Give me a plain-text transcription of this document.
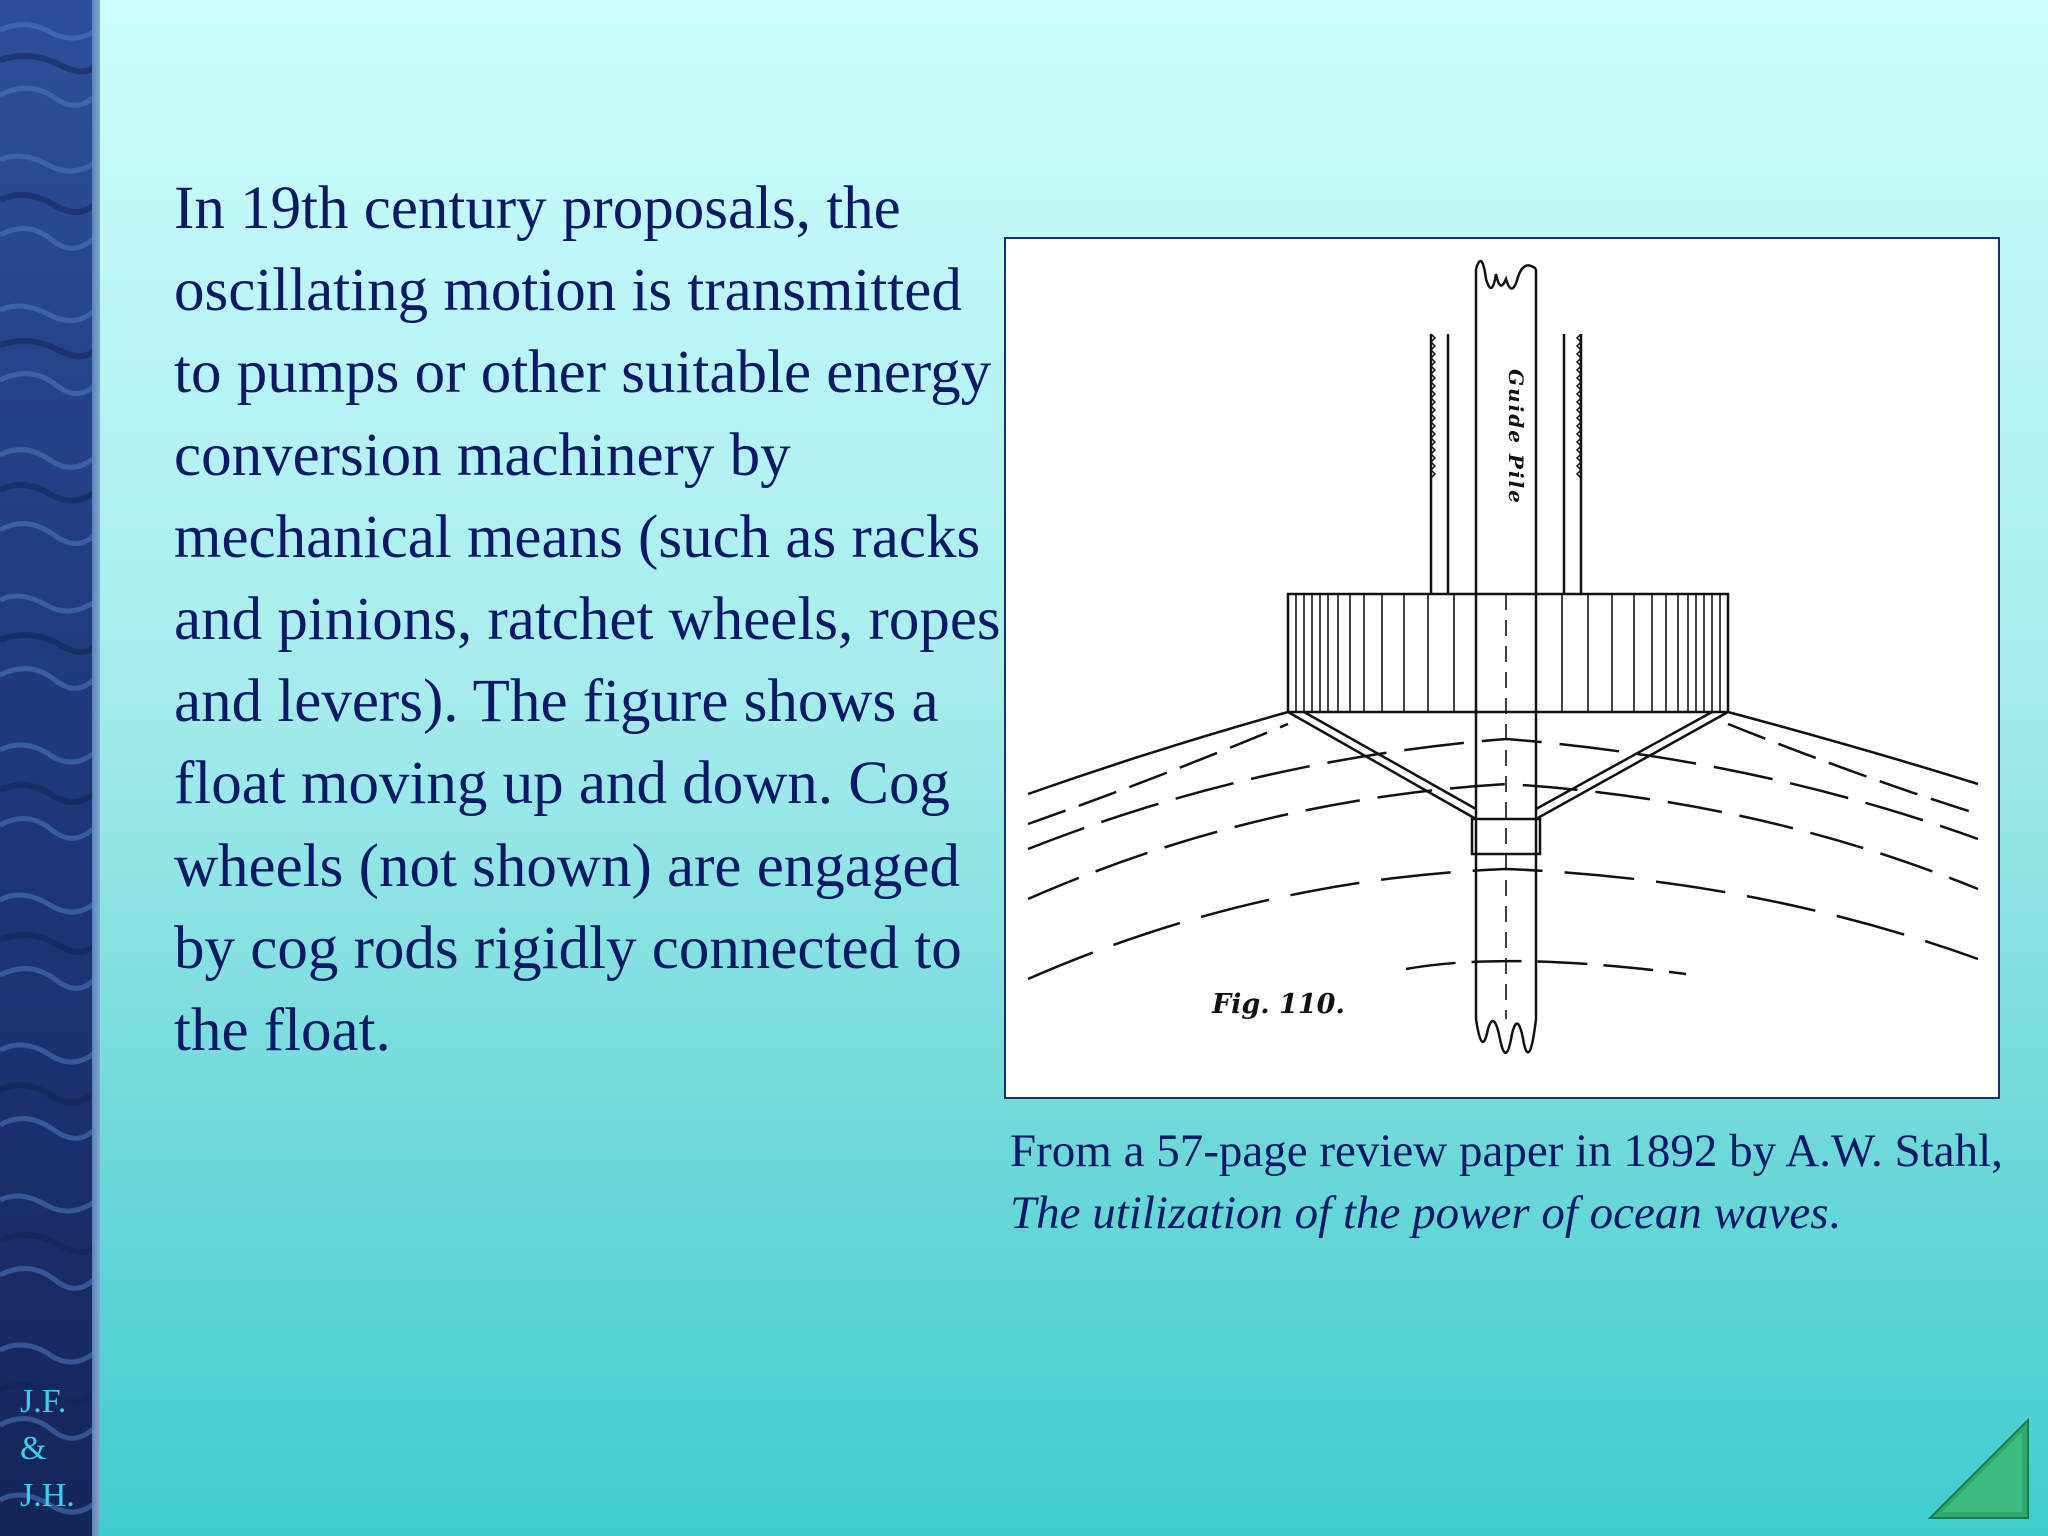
J.F.
&
J.H.

In 19th century proposals, the oscillating motion is transmitted to pumps or other suitable energy conversion machinery by mechanical means (such as racks and pinions, ratchet wheels, ropes and levers). The figure shows a float moving up and down. Cog wheels (not shown) are engaged by cog rods rigidly connected to the float.

Guide Pile
Fig. 110.

From a 57-page review paper in 1892 by A.W. Stahl, The utilization of the power of ocean waves.
